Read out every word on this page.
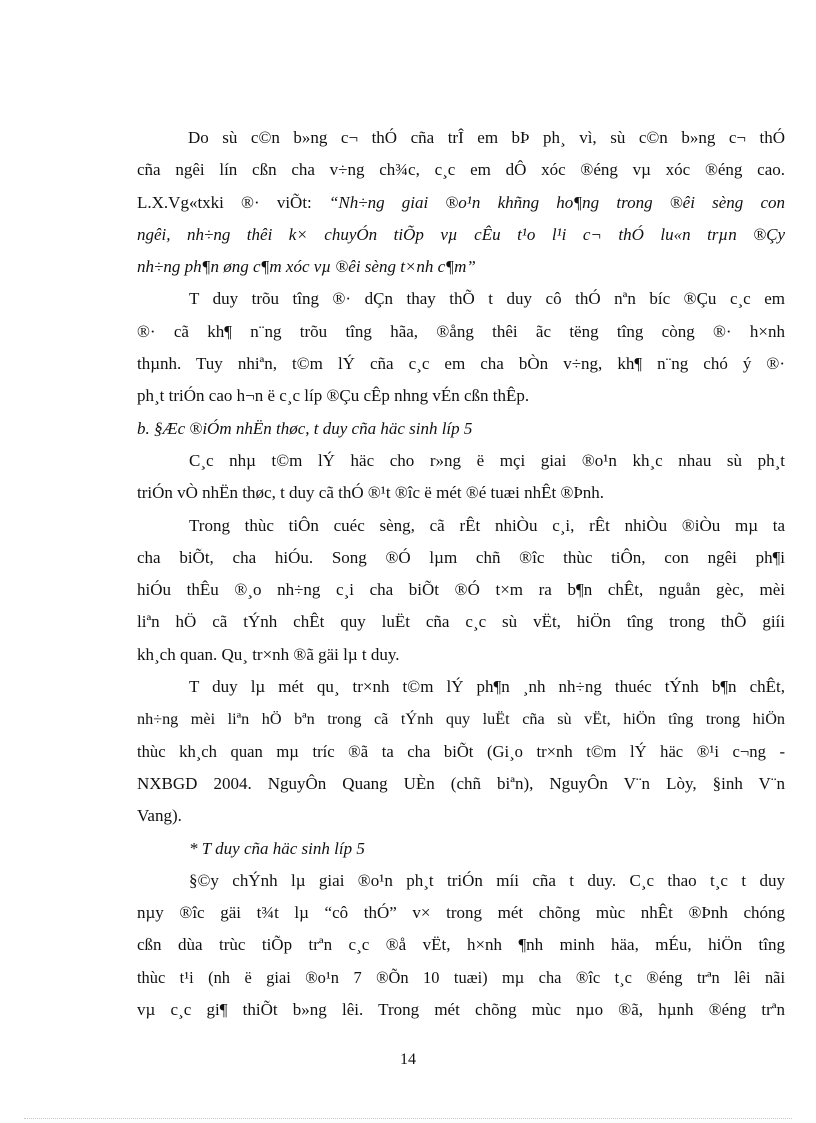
Do sù c©n b»ng c¬ thÓ cña trÎ em bÞ ph¸ vì, sù c©n b»ng c¬ thÓ
cña ngêi lín cßn cha v÷ng ch¾c, c¸c em dÔ xóc ®éng vµ xóc ®éng cao.
L.X.Vg«txki ®· viÕt: “Nh÷ng giai ®o¹n khñng ho¶ng trong ®êi sèng con
ngêi, nh÷ng thêi k× chuyÓn tiÕp vµ cÊu t¹o l¹i c¬ thÓ lu«n trµn ®Çy
nh÷ng ph¶n øng c¶m xóc vµ ®êi sèng t×nh c¶m”
T duy trõu tîng ®· dÇn thay thÕ t duy cô thÓ nªn bíc ®Çu c¸c em
®· cã kh¶ n¨ng trõu tîng hãa, ®ång thêi ãc tëng tîng còng ®· h×nh
thµnh. Tuy nhiªn, t©m lÝ cña c¸c em cha bÒn v÷ng, kh¶ n¨ng chó ý ®·
ph¸t triÓn cao h¬n ë c¸c líp ®Çu cÊp nhng vÉn cßn thÊp.
b. §Æc ®iÓm nhËn thøc, t duy cña häc sinh líp 5
C¸c nhµ t©m lÝ häc cho r»ng ë mçi giai ®o¹n kh¸c nhau sù ph¸t
triÓn vÒ nhËn thøc, t duy cã thÓ ®¹t ®îc ë mét ®é tuæi nhÊt ®Þnh.
Trong thùc tiÔn cuéc sèng, cã rÊt nhiÒu c¸i, rÊt nhiÒu ®iÒu mµ ta
cha biÕt, cha hiÓu. Song ®Ó lµm chñ ®îc thùc tiÔn, con ngêi ph¶i
hiÓu thÊu ®¸o nh÷ng c¸i cha biÕt ®Ó t×m ra b¶n chÊt, nguån gèc, mèi
liªn hÖ cã tÝnh chÊt quy luËt cña c¸c sù vËt, hiÖn tîng trong thÕ giíi
kh¸ch quan. Qu¸ tr×nh ®ã gäi lµ t duy.
T duy lµ mét qu¸ tr×nh t©m lÝ ph¶n ¸nh nh÷ng thuéc tÝnh b¶n chÊt,
nh÷ng mèi liªn hÖ bªn trong cã tÝnh quy luËt cña sù vËt, hiÖn tîng trong hiÖn
thùc kh¸ch quan mµ tríc ®ã ta cha biÕt (Gi¸o tr×nh t©m lÝ häc ®¹i c¬ng -
NXBGD 2004. NguyÔn Quang UÈn (chñ biªn), NguyÔn V¨n Lòy, §inh V¨n
Vang).
* T duy cña häc sinh líp 5
§©y chÝnh lµ giai ®o¹n ph¸t triÓn míi cña t duy. C¸c thao t¸c t duy
nµy ®îc gäi t¾t lµ “cô thÓ” v× trong mét chõng mùc nhÊt ®Þnh chóng
cßn dùa trùc tiÕp trªn c¸c ®å vËt, h×nh ¶nh minh häa, mÉu, hiÖn tîng
thùc t¹i (nh ë giai ®o¹n 7 ®Õn 10 tuæi) mµ cha ®îc t¸c ®éng trªn lêi nãi
vµ c¸c gi¶ thiÕt b»ng lêi. Trong mét chõng mùc nµo ®ã, hµnh ®éng trªn
14
